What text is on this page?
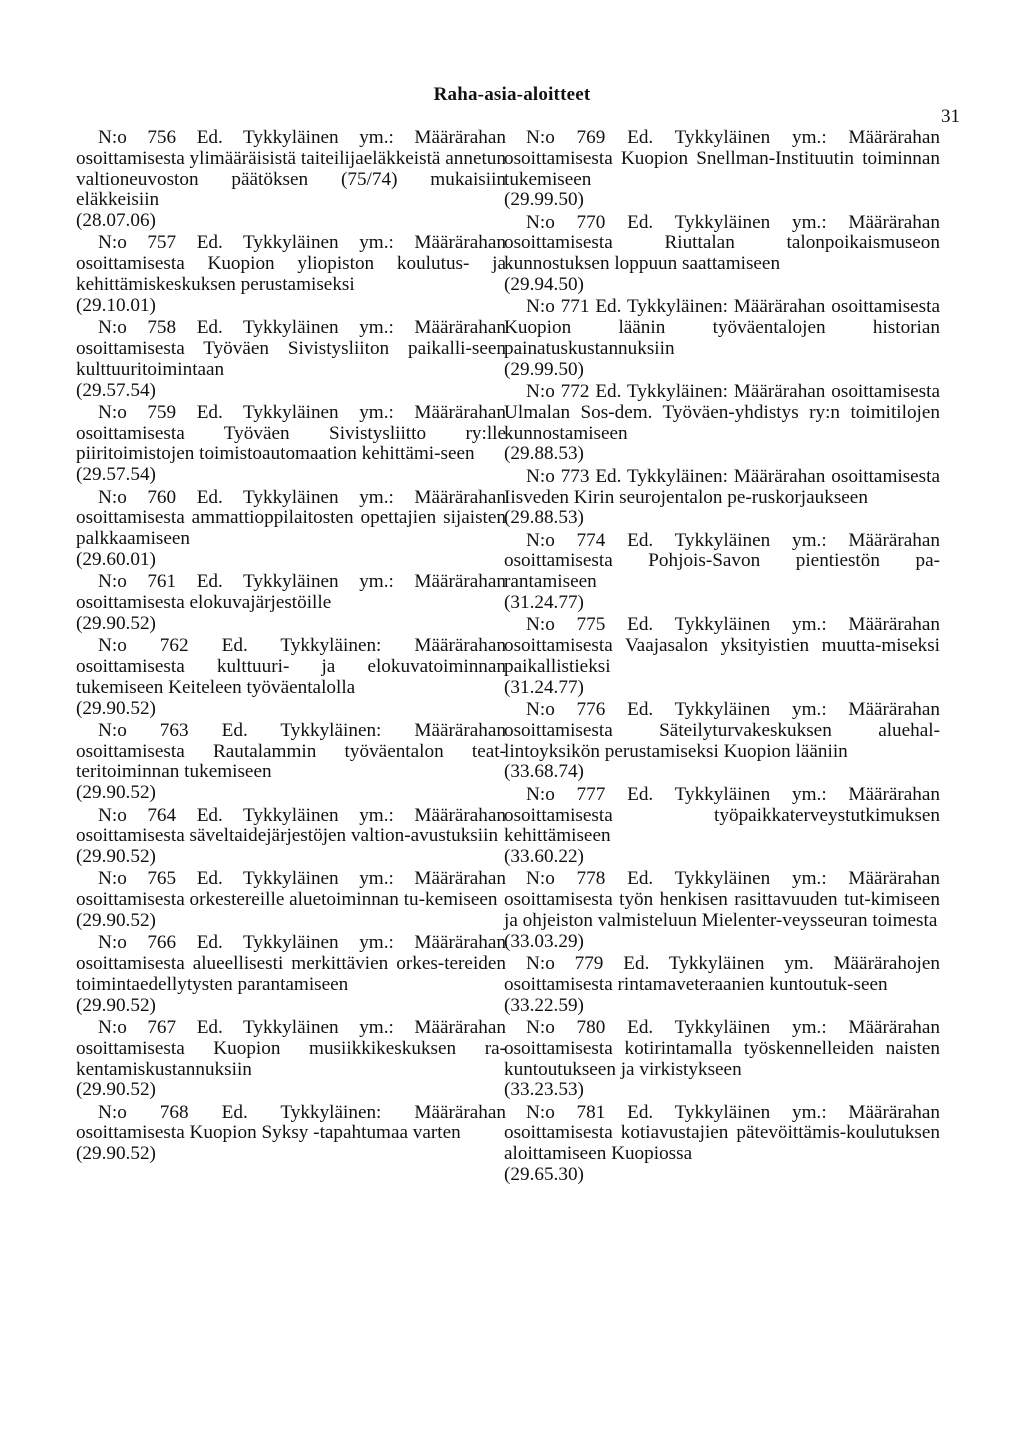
Raha-asia-aloitteet
31

N:o 756 Ed. Tykkyläinen ym.: Määrärahan osoittamisesta ylimääräisistä taiteilijaeläkkeistä annetun valtioneuvoston päätöksen (75/74) mukaisiin eläkkeisiin
(28.07.06)

N:o 757 Ed. Tykkyläinen ym.: Määrärahan osoittamisesta Kuopion yliopiston koulutus- ja kehittämiskeskuksen perustamiseksi
(29.10.01)

N:o 758 Ed. Tykkyläinen ym.: Määrärahan osoittamisesta Työväen Sivistysliiton paikalli-seen kulttuuritoimintaan
(29.57.54)

N:o 759 Ed. Tykkyläinen ym.: Määrärahan osoittamisesta Työväen Sivistysliitto ry:lle piiritoimistojen toimistoautomaation kehittämi-seen
(29.57.54)

N:o 760 Ed. Tykkyläinen ym.: Määrärahan osoittamisesta ammattioppilaitosten opettajien sijaisten palkkaamiseen
(29.60.01)

N:o 761 Ed. Tykkyläinen ym.: Määrärahan osoittamisesta elokuvajärjestöille
(29.90.52)

N:o 762 Ed. Tykkyläinen: Määrärahan osoittamisesta kulttuuri- ja elokuvatoiminnan tukemiseen Keiteleen työväentalolla
(29.90.52)

N:o 763 Ed. Tykkyläinen: Määrärahan osoittamisesta Rautalammin työväentalon teat-teritoiminnan tukemiseen
(29.90.52)

N:o 764 Ed. Tykkyläinen ym.: Määrärahan osoittamisesta säveltaidejärjestöjen valtion-avustuksiin
(29.90.52)

N:o 765 Ed. Tykkyläinen ym.: Määrärahan osoittamisesta orkestereille aluetoiminnan tu-kemiseen
(29.90.52)

N:o 766 Ed. Tykkyläinen ym.: Määrärahan osoittamisesta alueellisesti merkittävien orkes-tereiden toimintaedellytysten parantamiseen
(29.90.52)

N:o 767 Ed. Tykkyläinen ym.: Määrärahan osoittamisesta Kuopion musiikkikeskuksen ra-kentamiskustannuksiin
(29.90.52)

N:o 768 Ed. Tykkyläinen: Määrärahan osoittamisesta Kuopion Syksy -tapahtumaa varten
(29.90.52)

N:o 769 Ed. Tykkyläinen ym.: Määrärahan osoittamisesta Kuopion Snellman-Instituutin toiminnan tukemiseen
(29.99.50)

N:o 770 Ed. Tykkyläinen ym.: Määrärahan osoittamisesta Riuttalan talonpoikaismuseon kunnostuksen loppuun saattamiseen
(29.94.50)

N:o 771 Ed. Tykkyläinen: Määrärahan osoittamisesta Kuopion läänin työväentalojen historian painatuskustannuksiin
(29.99.50)

N:o 772 Ed. Tykkyläinen: Määrärahan osoittamisesta Ulmalan Sos-dem. Työväen-yhdistys ry:n toimitilojen kunnostamiseen
(29.88.53)

N:o 773 Ed. Tykkyläinen: Määrärahan osoittamisesta Iisveden Kirin seurojentalon pe-ruskorjaukseen
(29.88.53)

N:o 774 Ed. Tykkyläinen ym.: Määrärahan osoittamisesta Pohjois-Savon pientiestön pa-rantamiseen
(31.24.77)

N:o 775 Ed. Tykkyläinen ym.: Määrärahan osoittamisesta Vaajasalon yksityistien muutta-miseksi paikallistieksi
(31.24.77)

N:o 776 Ed. Tykkyläinen ym.: Määrärahan osoittamisesta Säteilyturvakeskuksen aluehal-lintoyksikön perustamiseksi Kuopion lääniin
(33.68.74)

N:o 777 Ed. Tykkyläinen ym.: Määrärahan osoittamisesta työpaikkaterveystutkimuksen kehittämiseen
(33.60.22)

N:o 778 Ed. Tykkyläinen ym.: Määrärahan osoittamisesta työn henkisen rasittavuuden tut-kimiseen ja ohjeiston valmisteluun Mielenter-veysseuran toimesta
(33.03.29)

N:o 779 Ed. Tykkyläinen ym. Määrärahojen osoittamisesta rintamaveteraanien kuntoutuk-seen
(33.22.59)

N:o 780 Ed. Tykkyläinen ym.: Määrärahan osoittamisesta kotirintamalla työskennelleiden naisten kuntoutukseen ja virkistykseen
(33.23.53)

N:o 781 Ed. Tykkyläinen ym.: Määrärahan osoittamisesta kotiavustajien pätevöittämis-koulutuksen aloittamiseen Kuopiossa
(29.65.30)
